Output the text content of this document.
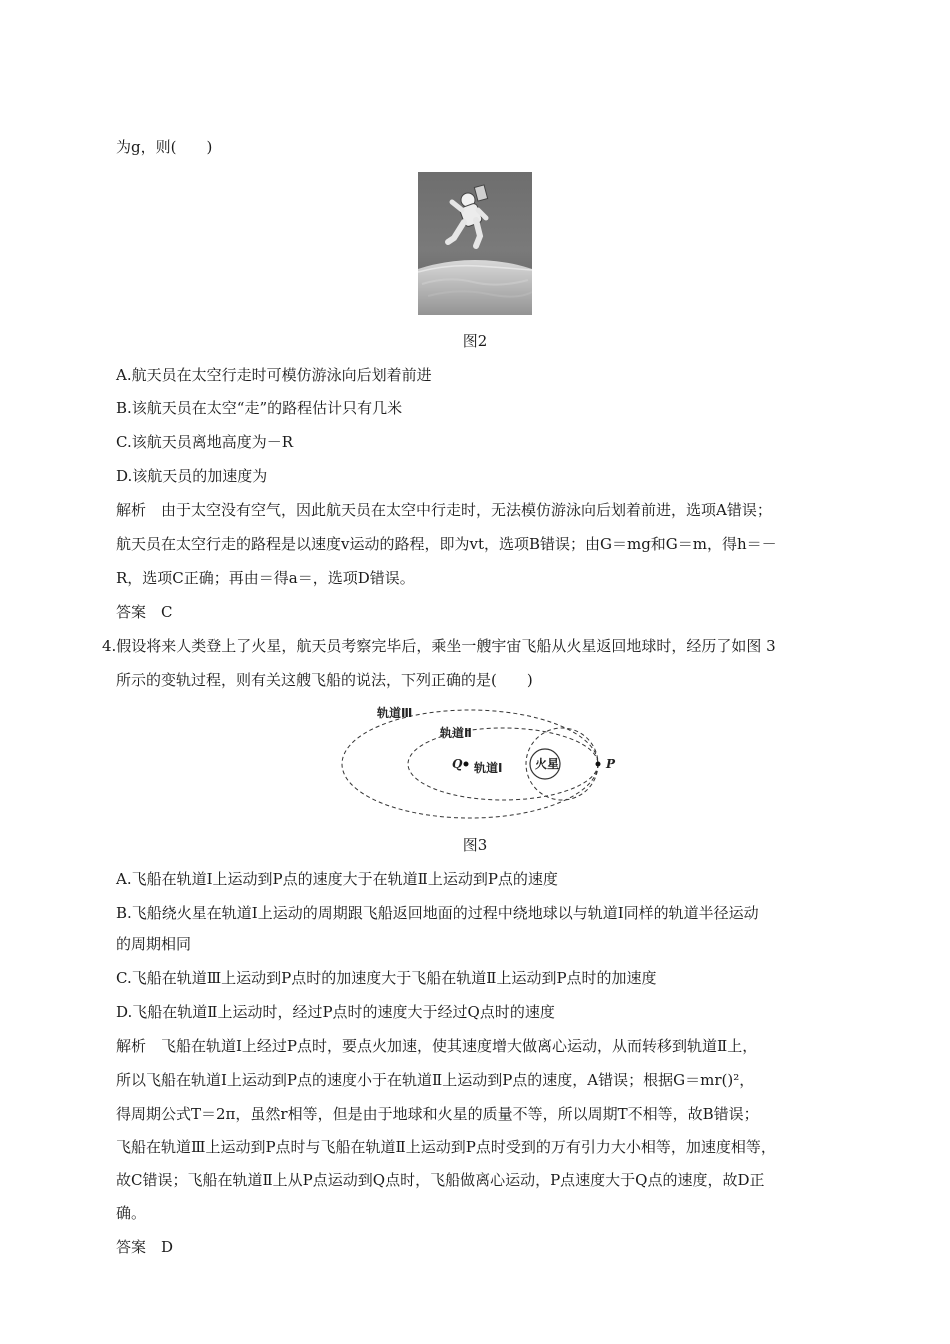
为g，则(　　)
图2
A.航天员在太空行走时可模仿游泳向后划着前进
B.该航天员在太空“走”的路程估计只有几米
C.该航天员离地高度为－R
D.该航天员的加速度为
解析　由于太空没有空气，因此航天员在太空中行走时，无法模仿游泳向后划着前进，选项A错误；
航天员在太空行走的路程是以速度v运动的路程，即为vt，选项B错误；由G＝mg和G＝m，得h＝－
R，选项C正确；再由＝得a＝，选项D错误。
答案　C
4.假设将来人类登上了火星，航天员考察完毕后，乘坐一艘宇宙飞船从火星返回地球时，经历了如图 3
所示的变轨过程，则有关这艘飞船的说法，下列正确的是(　　)
火星
Q	P
轨道Ⅲ
轨道Ⅱ
轨道Ⅰ
图3
A.飞船在轨道Ⅰ上运动到P点的速度大于在轨道Ⅱ上运动到P点的速度
B.飞船绕火星在轨道Ⅰ上运动的周期跟飞船返回地面的过程中绕地球以与轨道Ⅰ同样的轨道半径运动
的周期相同
C.飞船在轨道Ⅲ上运动到P点时的加速度大于飞船在轨道Ⅱ上运动到P点时的加速度
D.飞船在轨道Ⅱ上运动时，经过P点时的速度大于经过Q点时的速度
解析　飞船在轨道Ⅰ上经过P点时，要点火加速，使其速度增大做离心运动，从而转移到轨道Ⅱ上，
所以飞船在轨道Ⅰ上运动到P点的速度小于在轨道Ⅱ上运动到P点的速度，A错误；根据G＝mr()²，
得周期公式T＝2π，虽然r相等，但是由于地球和火星的质量不等，所以周期T不相等，故B错误；
飞船在轨道Ⅲ上运动到P点时与飞船在轨道Ⅱ上运动到P点时受到的万有引力大小相等，加速度相等，
故C错误；飞船在轨道Ⅱ上从P点运动到Q点时，飞船做离心运动，P点速度大于Q点的速度，故D正
确。
答案　D
